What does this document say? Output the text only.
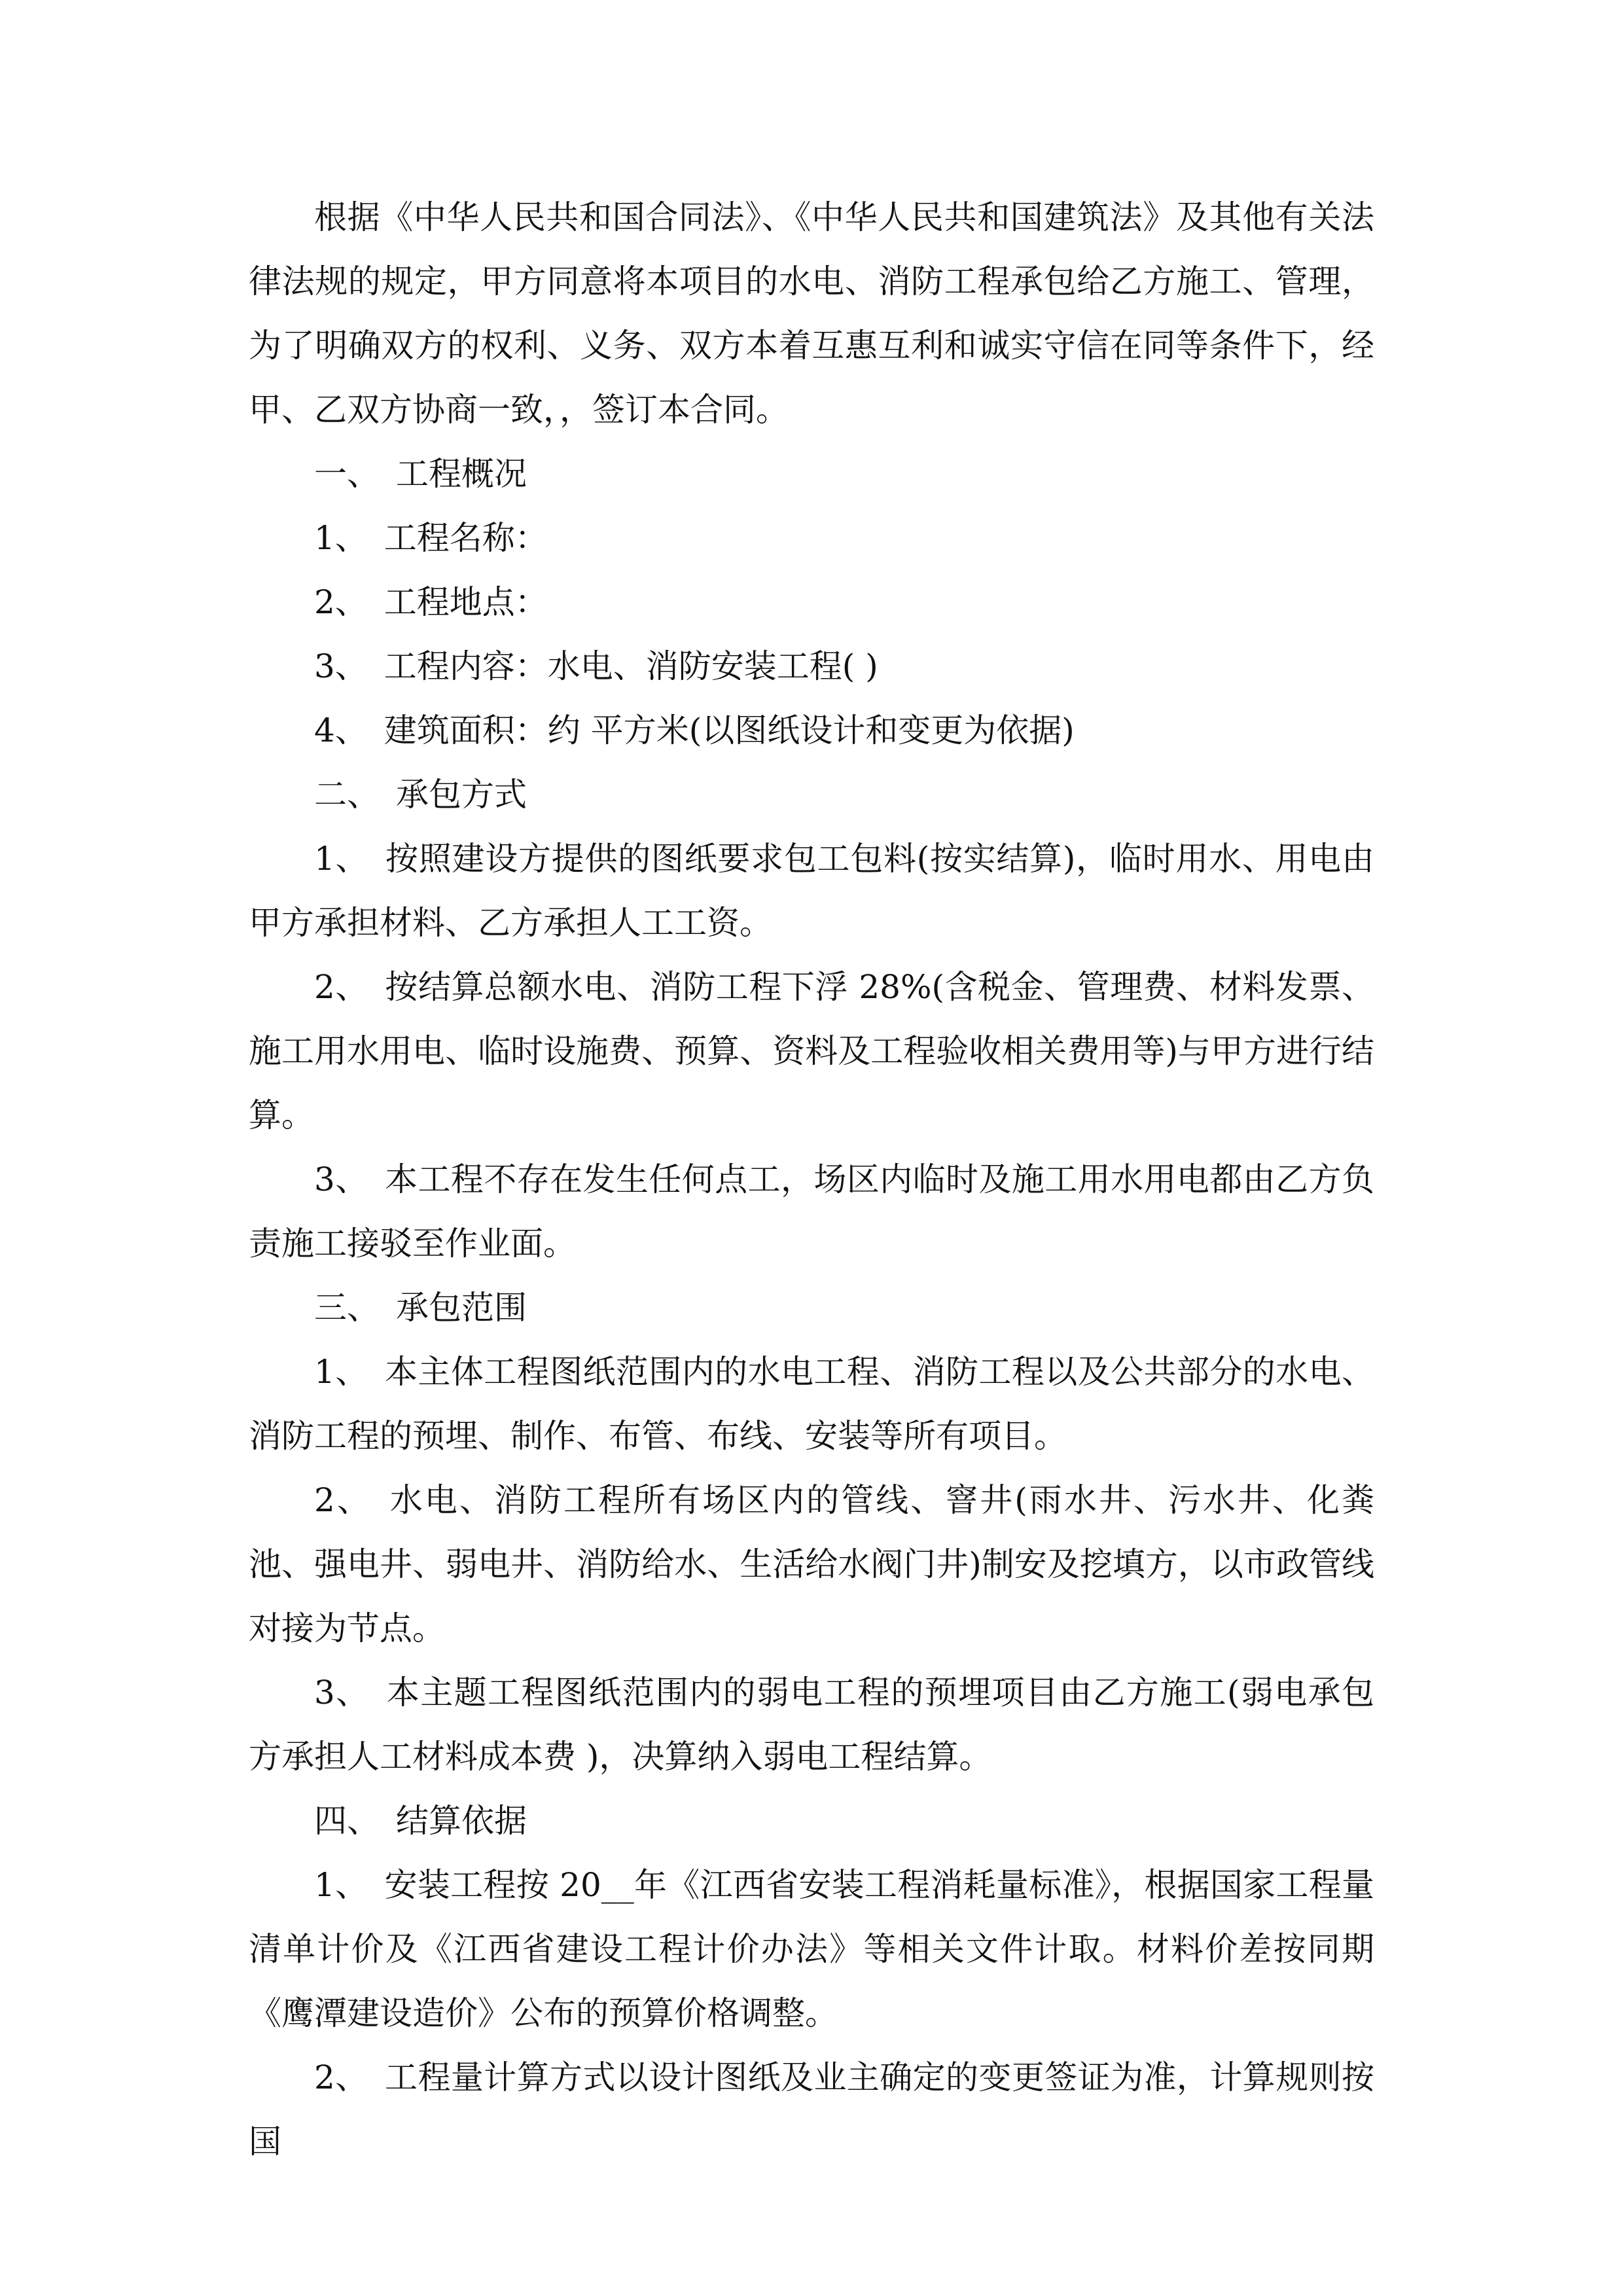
根据《中华人民共和国合同法》、《中华人民共和国建筑法》及其他有关法律法规的规定，甲方同意将本项目的水电、消防工程承包给乙方施工、管理，为了明确双方的权利、义务、双方本着互惠互利和诚实守信在同等条件下，经甲、乙双方协商一致，，签订本合同。

一、　工程概况

1、　工程名称：

2、　工程地点：

3、　工程内容：水电、消防安装工程( )

4、　建筑面积：约 平方米(以图纸设计和变更为依据)

二、　承包方式

1、　按照建设方提供的图纸要求包工包料(按实结算)，临时用水、用电由甲方承担材料、乙方承担人工工资。

2、　按结算总额水电、消防工程下浮 28%(含税金、管理费、材料发票、施工用水用电、临时设施费、预算、资料及工程验收相关费用等)与甲方进行结算。

3、　本工程不存在发生任何点工，场区内临时及施工用水用电都由乙方负责施工接驳至作业面。

三、　承包范围

1、　本主体工程图纸范围内的水电工程、消防工程以及公共部分的水电、消防工程的预埋、制作、布管、布线、安装等所有项目。

2、　水电、消防工程所有场区内的管线、窨井(雨水井、污水井、化粪池、强电井、弱电井、消防给水、生活给水阀门井)制安及挖填方，以市政管线对接为节点。

3、　本主题工程图纸范围内的弱电工程的预埋项目由乙方施工(弱电承包方承担人工材料成本费 )，决算纳入弱电工程结算。

四、　结算依据

1、　安装工程按 20__年《江西省安装工程消耗量标准》，根据国家工程量清单计价及《江西省建设工程计价办法》等相关文件计取。材料价差按同期《鹰潭建设造价》公布的预算价格调整。

2、　工程量计算方式以设计图纸及业主确定的变更签证为准，计算规则按国
